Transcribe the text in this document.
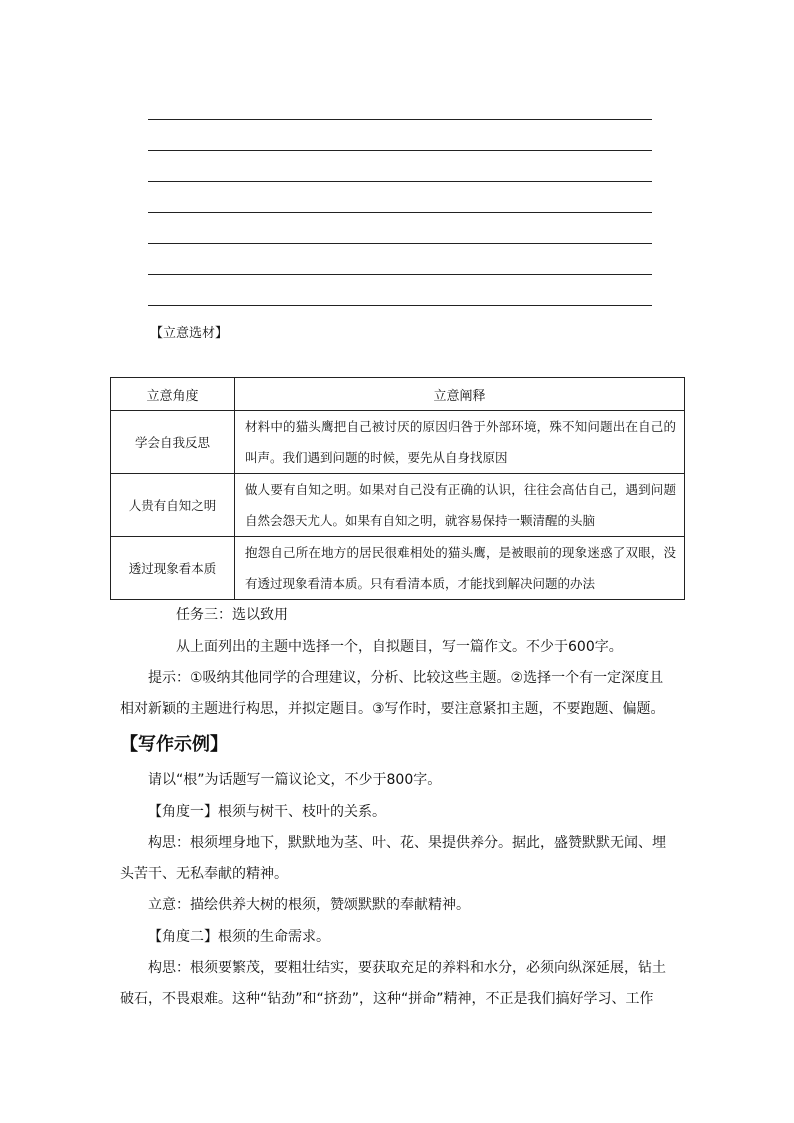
【立意选材】
立意角度	立意阐释
学会自我反思	材料中的猫头鹰把自己被讨厌的原因归咎于外部环境，殊不知问题出在自己的叫声。我们遇到问题的时候，要先从自身找原因
人贵有自知之明	做人要有自知之明。如果对自己没有正确的认识，往往会高估自己，遇到问题自然会怨天尤人。如果有自知之明，就容易保持一颗清醒的头脑
透过现象看本质	抱怨自己所在地方的居民很难相处的猫头鹰，是被眼前的现象迷惑了双眼，没有透过现象看清本质。只有看清本质，才能找到解决问题的办法
任务三：选以致用
从上面列出的主题中选择一个，自拟题目，写一篇作文。不少于600字。
提示：①吸纳其他同学的合理建议，分析、比较这些主题。②选择一个有一定深度且相对新颖的主题进行构思，并拟定题目。③写作时，要注意紧扣主题，不要跑题、偏题。
【写作示例】
请以“根”为话题写一篇议论文，不少于800字。
【角度一】根须与树干、枝叶的关系。
构思：根须埋身地下，默默地为茎、叶、花、果提供养分。据此，盛赞默默无闻、埋头苦干、无私奉献的精神。
立意：描绘供养大树的根须，赞颂默默的奉献精神。
【角度二】根须的生命需求。
构思：根须要繁茂，要粗壮结实，要获取充足的养料和水分，必须向纵深延展，钻土破石，不畏艰难。这种“钻劲”和“挤劲”，这种“拼命”精神，不正是我们搞好学习、工作
